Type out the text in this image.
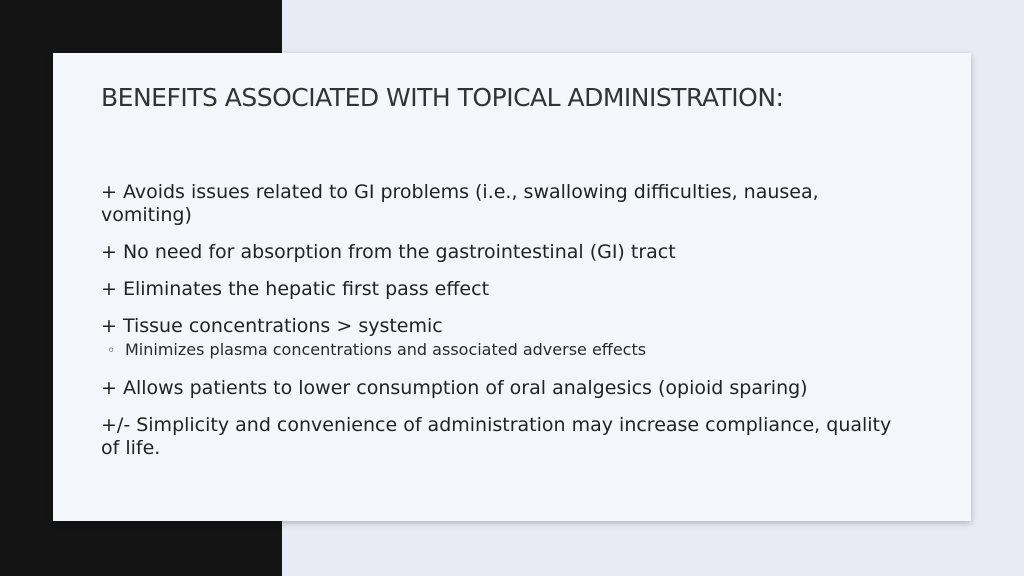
BENEFITS ASSOCIATED WITH TOPICAL ADMINISTRATION:
+ Avoids issues related to GI problems (i.e., swallowing difficulties, nausea, vomiting)
+ No need for absorption from the gastrointestinal (GI) tract
+ Eliminates the hepatic first pass effect
+ Tissue concentrations > systemic
◦ Minimizes plasma concentrations and associated adverse effects
+ Allows patients to lower consumption of oral analgesics (opioid sparing)
+/- Simplicity and convenience of administration may increase compliance, quality of life.
